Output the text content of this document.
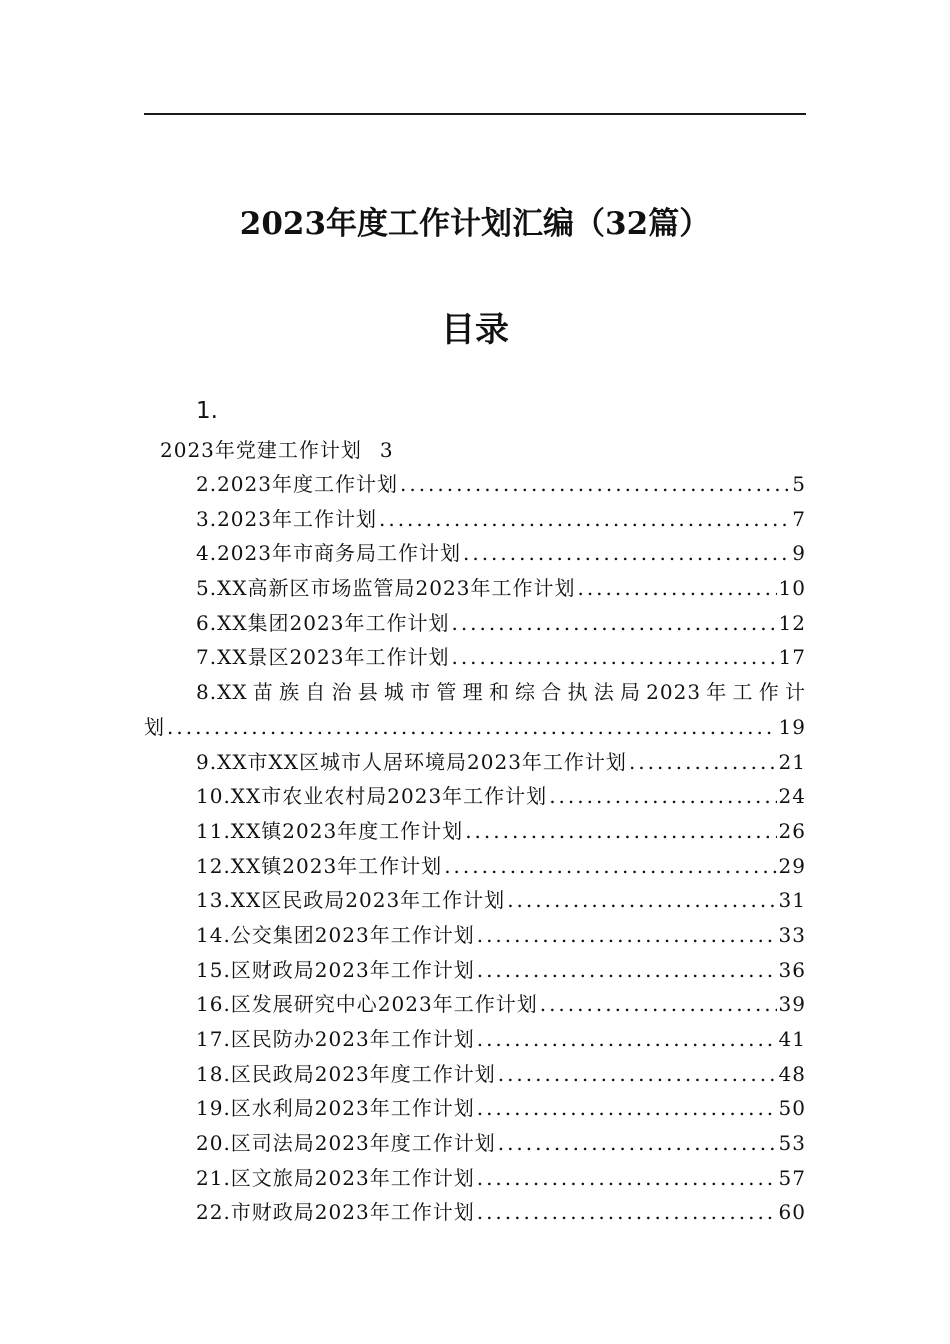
2023年度工作计划汇编（32篇）
目录
1.
2023年党建工作计划 3
2.2023年度工作计划 .....	5
3.2023年工作计划 .....	7
4.2023年市商务局工作计划 .....	9
5.XX高新区市场监管局2023年工作计划 .....	10
6.XX集团2023年工作计划 .....	12
7.XX景区2023年工作计划 .....	17
8.XX苗族自治县城市管理和综合执法局2023年工作计
划 .....	19
9.XX市XX区城市人居环境局2023年工作计划 .....	21
10.XX市农业农村局2023年工作计划 .....	24
11.XX镇2023年度工作计划 .....	26
12.XX镇2023年工作计划 .....	29
13.XX区民政局2023年工作计划 .....	31
14.公交集团2023年工作计划 .....	33
15.区财政局2023年工作计划 .....	36
16.区发展研究中心2023年工作计划 .....	39
17.区民防办2023年工作计划 .....	41
18.区民政局2023年度工作计划 .....	48
19.区水利局2023年工作计划 .....	50
20.区司法局2023年度工作计划 .....	53
21.区文旅局2023年工作计划 .....	57
22.市财政局2023年工作计划 .....	60
